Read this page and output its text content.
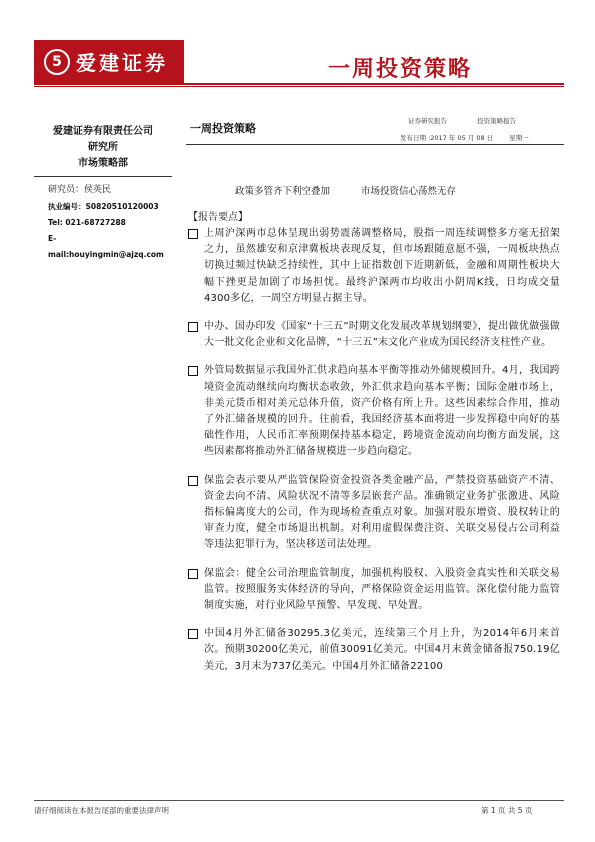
5 爱建证券	一周投资策略
爱建证券有限责任公司
研究所
市场策略部
研究员：侯英民
执业编号：S0820510120003
Tel: 021-68727288
E-mail:houyingmin@ajzq.com
一周投资策略
证券研究报告	投资策略报告
发布日期 :2017 年 05 月 08 日 星期一
政策多管齐下利空叠加	市场投资信心荡然无存
【报告要点】
上周沪深两市总体呈现出弱势震荡调整格局，股指一周连续调整多方毫无招架之力，虽然雄安和京津冀板块表现反复，但市场跟随意愿不强，一周板块热点切换过频过快缺乏持续性，其中上证指数创下近期新低，金融和周期性板块大幅下挫更是加剧了市场担忧。最终沪深两市均收出小阴周K线，日均成交量4300多亿，一周空方明显占据主导。
中办、国办印发《国家“十三五”时期文化发展改革规划纲要》，提出做优做强做大一批文化企业和文化品牌，“十三五”末文化产业成为国民经济支柱性产业。
外管局数据显示我国外汇供求趋向基本平衡等推动外储规模回升。4月，我国跨境资金流动继续向均衡状态收敛，外汇供求趋向基本平衡；国际金融市场上，非美元货币相对美元总体升值，资产价格有所上升。这些因素综合作用，推动了外汇储备规模的回升。往前看，我国经济基本面将进一步发挥稳中向好的基础性作用，人民币汇率预期保持基本稳定，跨境资金流动向均衡方面发展，这些因素都将推动外汇储备规模进一步趋向稳定。
保监会表示要从严监管保险资金投资各类金融产品，严禁投资基础资产不清、资金去向不清、风险状况不清等多层嵌套产品。准确锁定业务扩张激进、风险指标偏离度大的公司，作为现场检查重点对象。加强对股东增资、股权转让的审查力度，健全市场退出机制。对利用虚假保费注资、关联交易侵占公司利益等违法犯罪行为，坚决移送司法处理。
保监会：健全公司治理监管制度，加强机构股权、入股资金真实性和关联交易监管。按照服务实体经济的导向，严格保险资金运用监管。深化偿付能力监管制度实施，对行业风险早预警、早发现、早处置。
中国4月外汇储备30295.3亿美元，连续第三个月上升，为2014年6月来首次。预期30200亿美元，前值30091亿美元。中国4月末黄金储备报750.19亿美元，3月末为737亿美元。中国4月外汇储备22100
请仔细阅读在本报告尾部的重要法律声明	第 1 页 共 5 页
